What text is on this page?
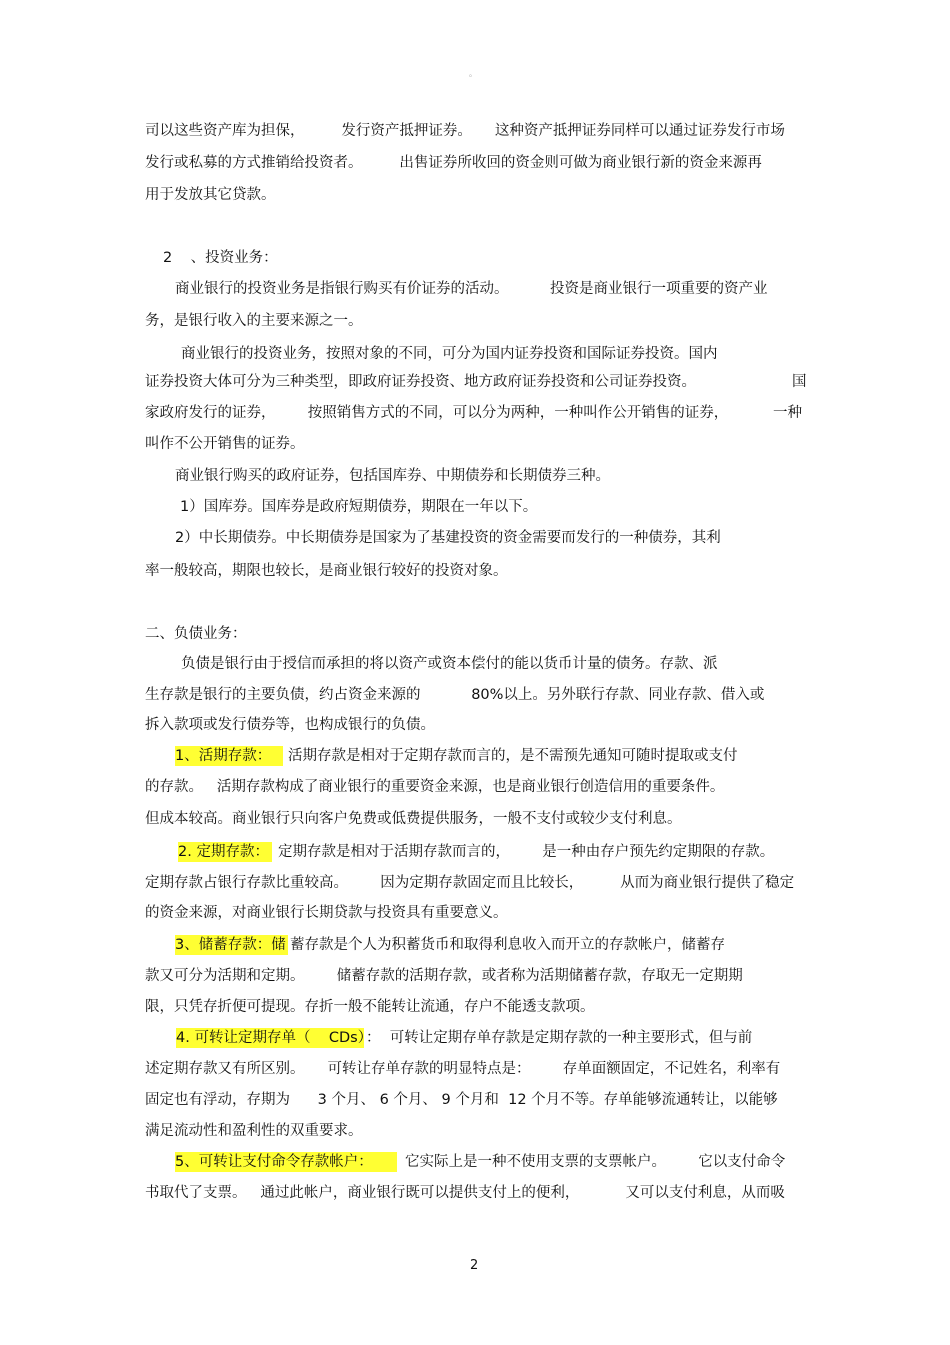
。
司以这些资产库为担保，        发行资产抵押证券。     这种资产抵押证券同样可以通过证券发行市场
发行或私募的方式推销给投资者。        出售证券所收回的资金则可做为商业银行新的资金来源再
用于发放其它贷款。
2    、投资业务：
商业银行的投资业务是指银行购买有价证券的活动。         投资是商业银行一项重要的资产业
务，是银行收入的主要来源之一。
商业银行的投资业务，按照对象的不同，可分为国内证券投资和国际证券投资。国内
证券投资大体可分为三种类型，即政府证券投资、地方政府证券投资和公司证券投资。	国
家政府发行的证券，       按照销售方式的不同，可以分为两种，一种叫作公开销售的证券，	一种
叫作不公开销售的证券。
商业银行购买的政府证券，包括国库券、中期债券和长期债券三种。
1）国库券。国库券是政府短期债券，期限在一年以下。
2）中长期债券。中长期债券是国家为了基建投资的资金需要而发行的一种债券，其利
率一般较高，期限也较长，是商业银行较好的投资对象。
二、负债业务：
负债是银行由于授信而承担的将以资产或资本偿付的能以货币计量的债务。存款、派
生存款是银行的主要负债，约占资金来源的           80%以上。另外联行存款、同业存款、借入或
拆入款项或发行债券等，也构成银行的负债。
1、活期存款：	活期存款是相对于定期存款而言的，是不需预先通知可随时提取或支付
的存款。   活期存款构成了商业银行的重要资金来源，也是商业银行创造信用的重要条件。
但成本较高。商业银行只向客户免费或低费提供服务，一般不支付或较少支付利息。
2. 定期存款： 定期存款是相对于活期存款而言的，       是一种由存户预先约定期限的存款。
定期存款占银行存款比重较高。       因为定期存款固定而且比较长，        从而为商业银行提供了稳定
的资金来源，对商业银行长期贷款与投资具有重要意义。
3、储蓄存款：储 蓄存款是个人为积蓄货币和取得利息收入而开立的存款帐户，储蓄存
款又可分为活期和定期。       储蓄存款的活期存款，或者称为活期储蓄存款，存取无一定期期
限，只凭存折便可提现。存折一般不能转让流通，存户不能透支款项。
4. 可转让定期存单（    CDs）
：  可转让定期存单存款是定期存款的一种主要形式，但与前
述定期存款又有所区别。     可转让存单存款的明显特点是：       存单面额固定，不记姓名，利率有
固定也有浮动，存期为      3 个月、 6 个月、 9 个月和  12 个月不等。存单能够流通转让，以能够
满足流动性和盈利性的双重要求。
5、可转让支付命令存款帐户：	它实际上是一种不使用支票的支票帐户。       它以支付命令
书取代了支票。   通过此帐户，商业银行既可以提供支付上的便利，          又可以支付利息，从而吸
2
